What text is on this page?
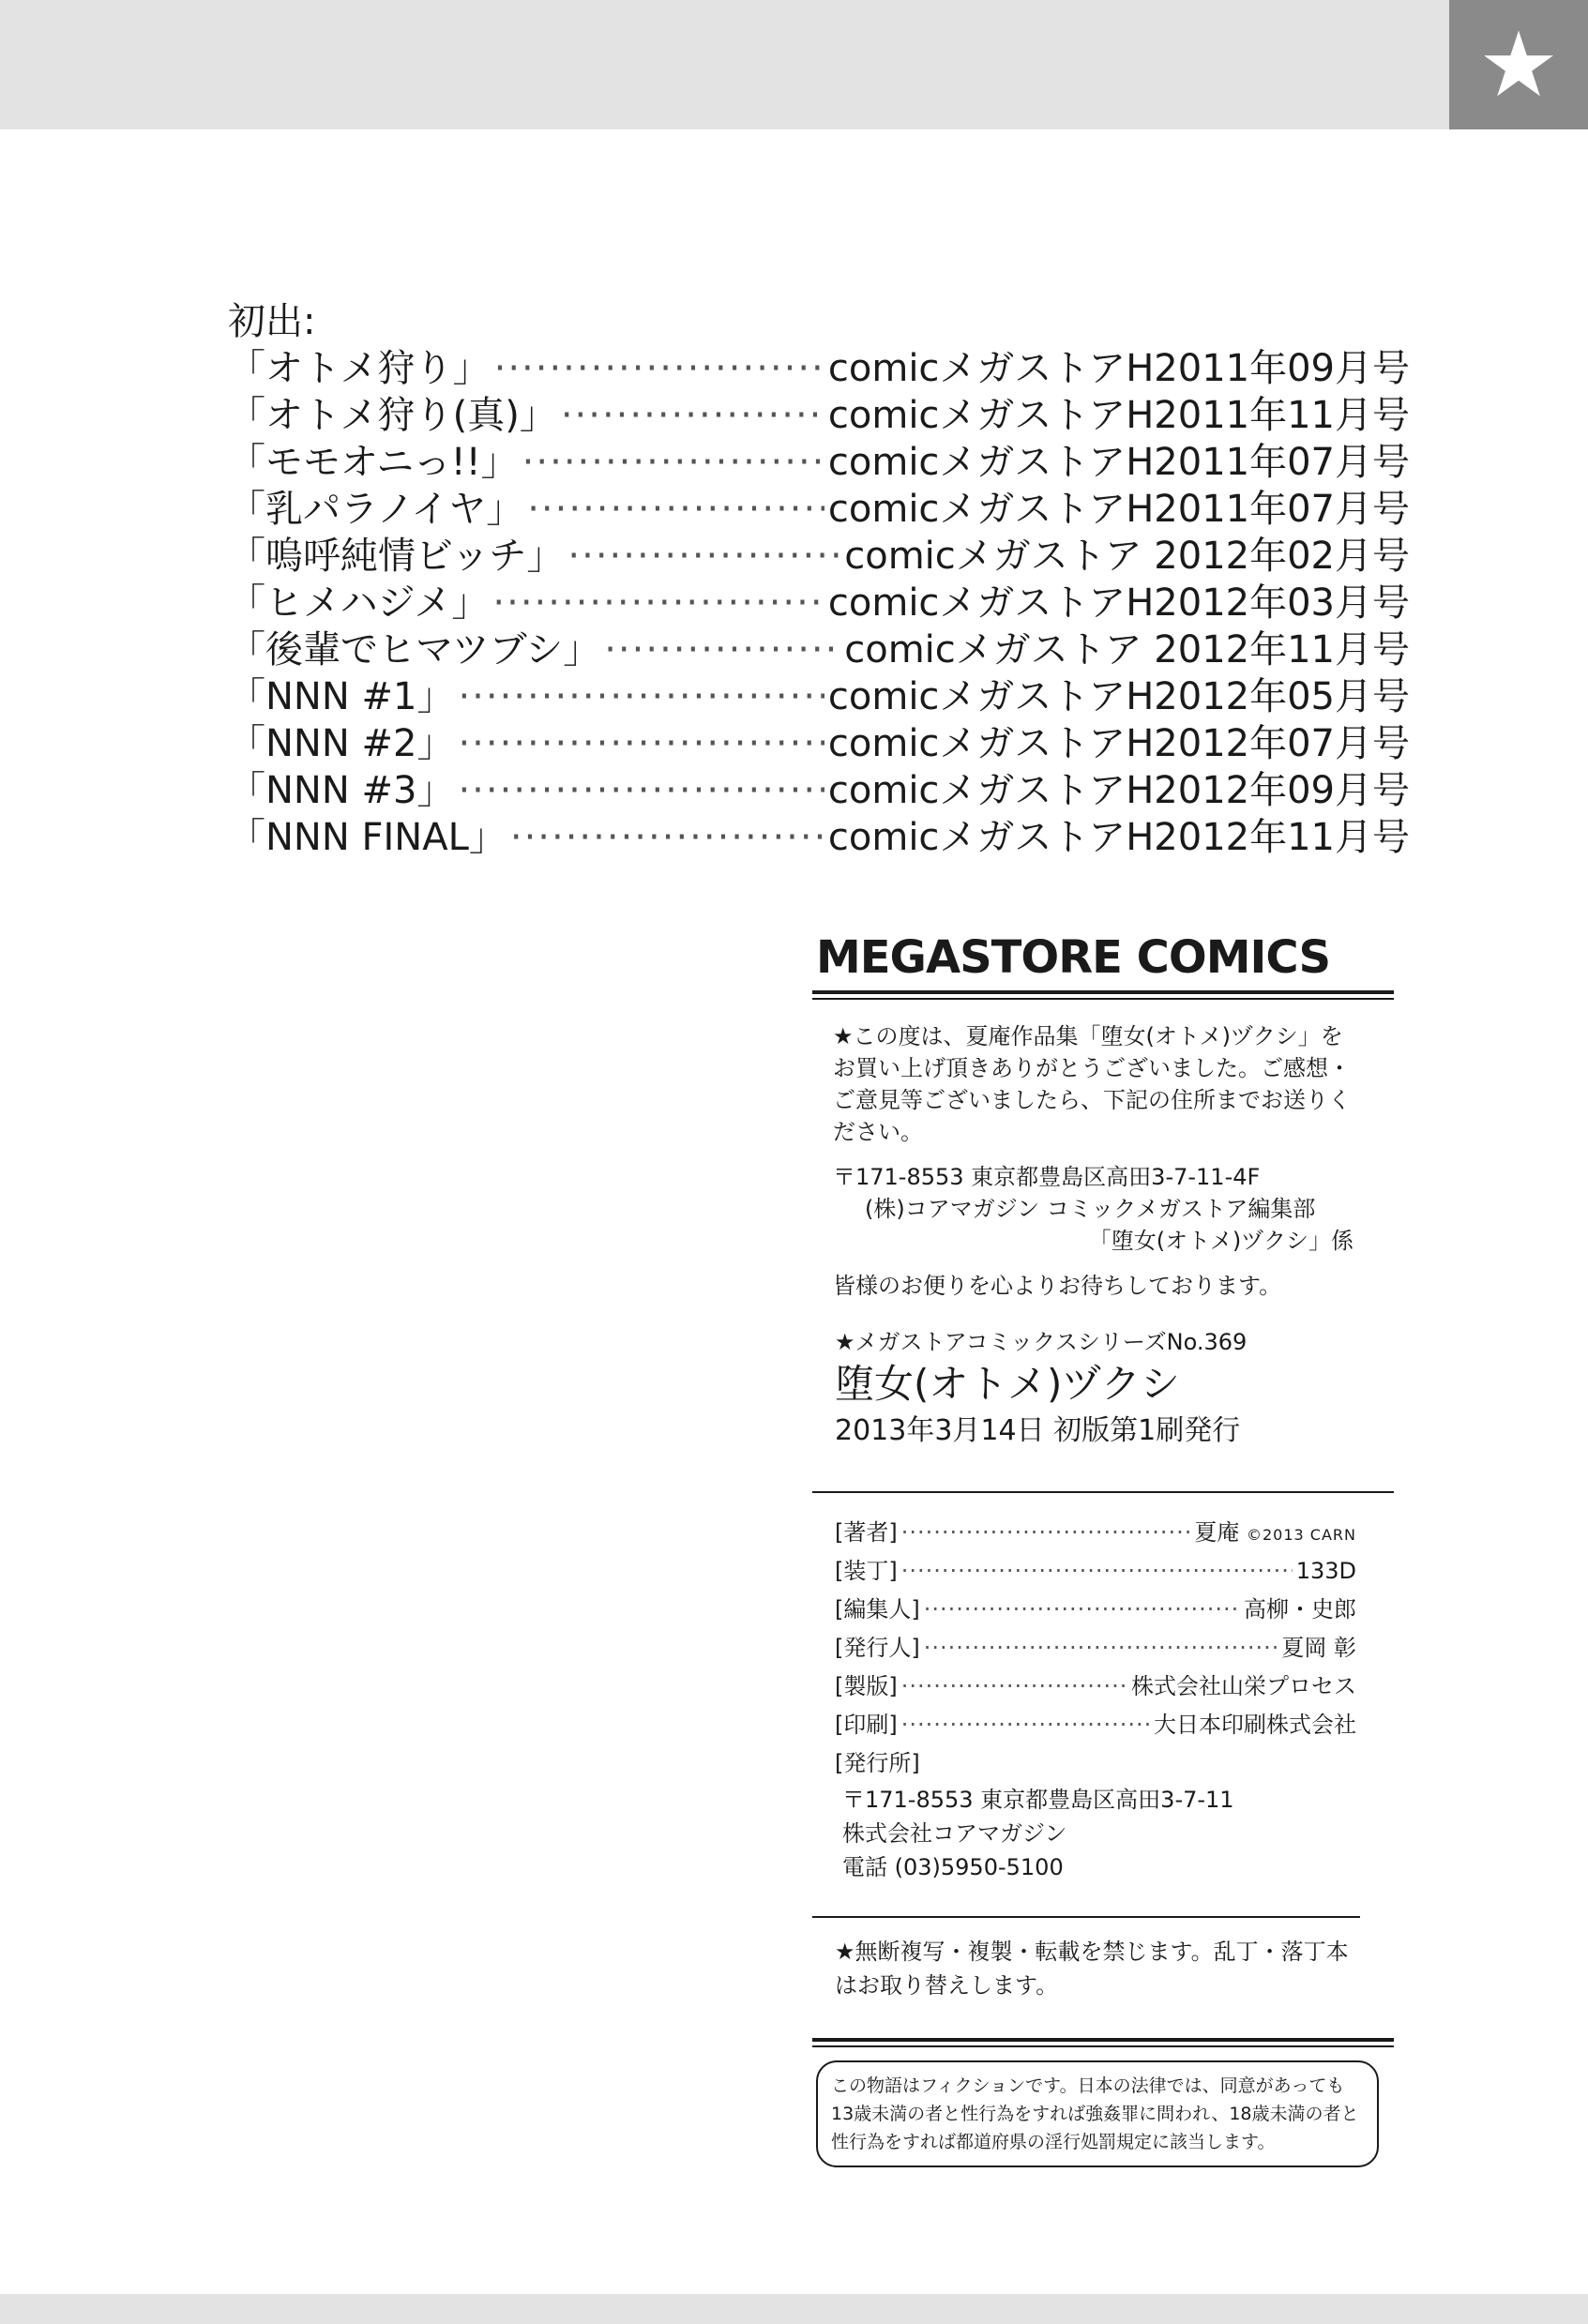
★
初出:
「オトメ狩り」 ·····	comicメガストアH2011年09月号
「オトメ狩り(真)」 ·····	comicメガストアH2011年11月号
「モモオニっ!!」 ·····	comicメガストアH2011年07月号
「乳パラノイヤ」 ·····	comicメガストアH2011年07月号
「嗚呼純情ビッチ」 ·····	comicメガストア 2012年02月号
「ヒメハジメ」 ·····	comicメガストアH2012年03月号
「後輩でヒマツブシ」 ·····	comicメガストア 2012年11月号
「NNN #1」 ·····	comicメガストアH2012年05月号
「NNN #2」 ·····	comicメガストアH2012年07月号
「NNN #3」 ·····	comicメガストアH2012年09月号
「NNN FINAL」 ·····	comicメガストアH2012年11月号
MEGASTORE COMICS
★この度は、夏庵作品集「堕女(オトメ)ヅクシ」をお買い上げ頂きありがとうございました。ご感想・ご意見等ございましたら、下記の住所までお送りください。
〒171-8553 東京都豊島区高田3-7-11-4F
(株)コアマガジン コミックメガストア編集部
「堕女(オトメ)ヅクシ」係
皆様のお便りを心よりお待ちしております。
★メガストアコミックスシリーズNo.369
堕女(オトメ)ヅクシ
2013年3月14日 初版第1刷発行
[著者] ·····	夏庵 ©2013 CARN
[装丁] ·····	133D
[編集人] ·····	高柳・史郎
[発行人] ·····	夏岡 彰
[製版] ·····	株式会社山栄プロセス
[印刷] ·····	大日本印刷株式会社
[発行所]
〒171-8553 東京都豊島区高田3-7-11
株式会社コアマガジン
電話 (03)5950-5100
★無断複写・複製・転載を禁じます。乱丁・落丁本はお取り替えします。
この物語はフィクションです。日本の法律では、同意があっても13歳未満の者と性行為をすれば強姦罪に問われ、18歳未満の者と性行為をすれば都道府県の淫行処罰規定に該当します。
